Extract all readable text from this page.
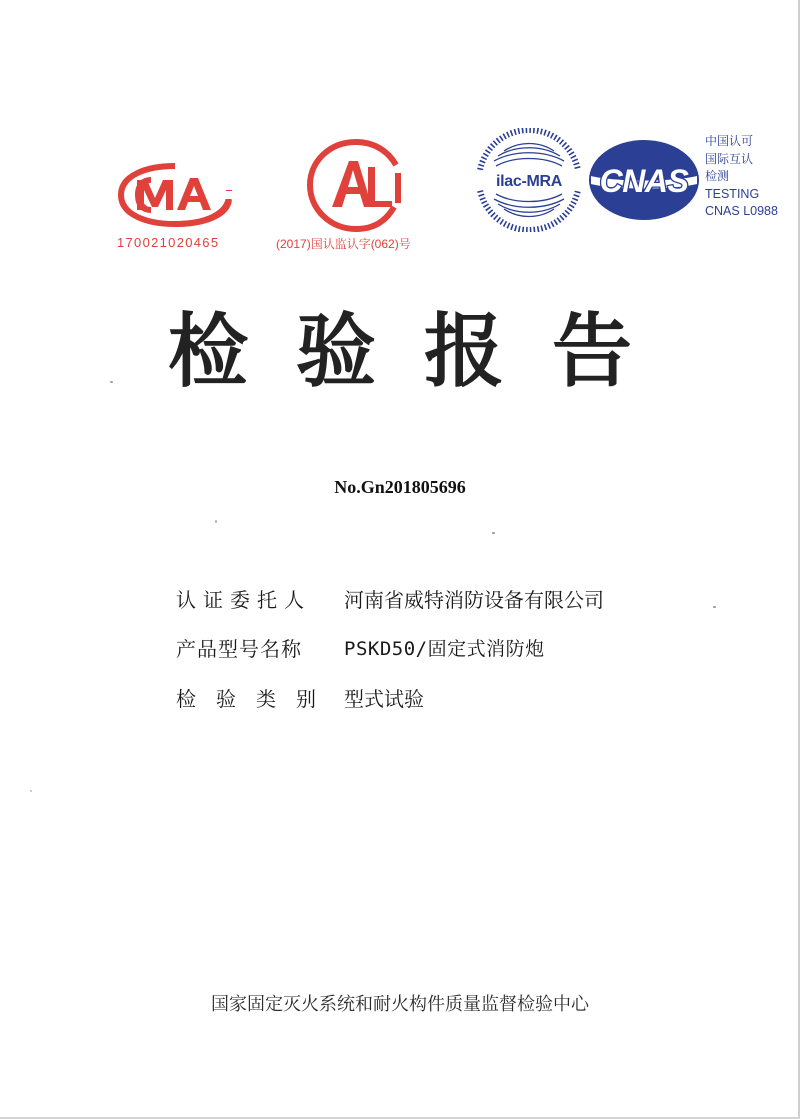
170021020465	(2017)国认监认字(062)号
ilac-MRA CNAS
中国认可
国际互认
检测
TESTING
CNAS L0988
检验报告
No.Gn201805696
认证委托人 河南省威特消防设备有限公司
产品型号名称	PSKD50/固定式消防炮
检验类别 型式试验
国家固定灭火系统和耐火构件质量监督检验中心
